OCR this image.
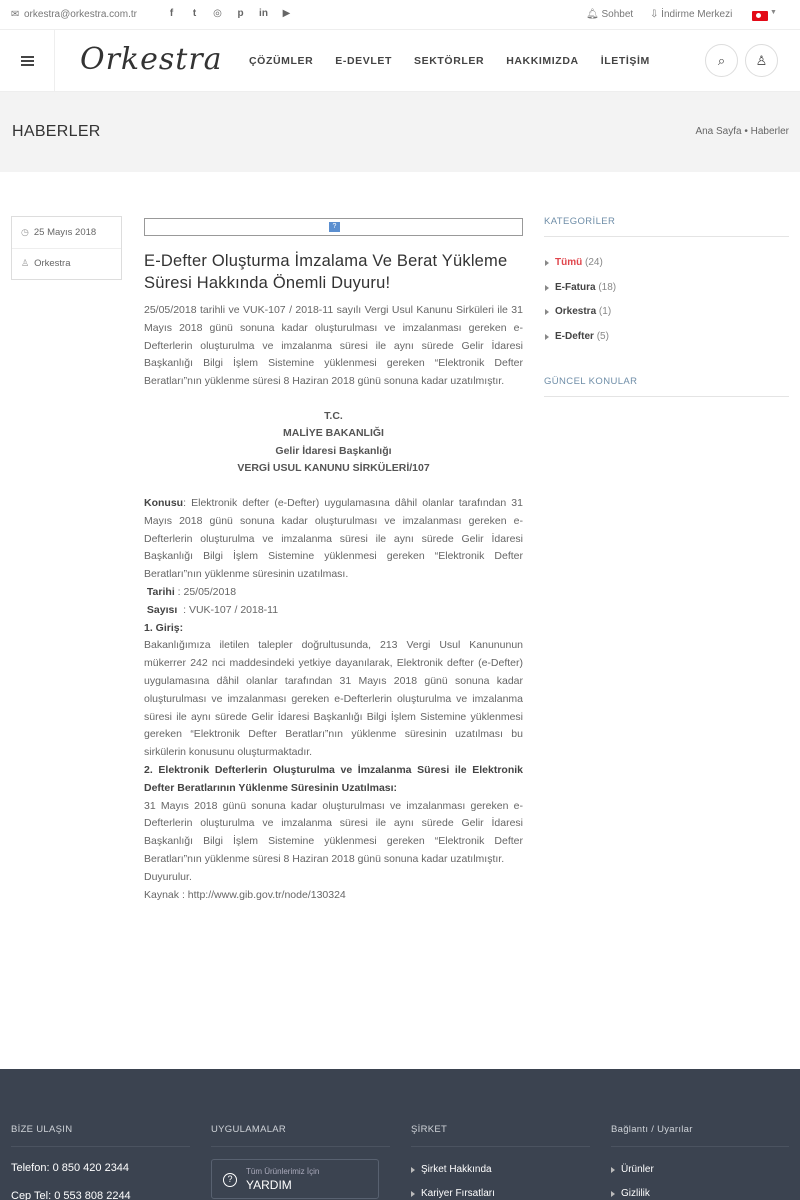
✉ orkestra@orkestra.com.tr	f	t	◎	p	in	▶	🔔︎ Sohbet ⇩ İndirme Merkezi	▼
Orkestra	ÇÖZÜMLER E-DEVLET SEKTÖRLER HAKKIMIZDA İLETİŞİM	⌕	♙
HABERLER	Ana Sayfa • Haberler
◷ 25 Mayıs 2018
♙ Orkestra
?
E-Defter Oluşturma İmzalama Ve Berat Yükleme Süresi Hakkında Önemli Duyuru!

25/05/2018 tarihli ve VUK-107 / 2018-11 sayılı Vergi Usul Kanunu Sirküleri ile 31 Mayıs 2018 günü sonuna kadar oluşturulması ve imzalanması gereken e-Defterlerin oluşturulma ve imzalanma süresi ile aynı sürede Gelir İdaresi Başkanlığı Bilgi İşlem Sistemine yüklenmesi gereken “Elektronik Defter Beratları”nın yüklenme süresi 8 Haziran 2018 günü sonuna kadar uzatılmıştır.

T.C.
MALİYE BAKANLIĞI
Gelir İdaresi Başkanlığı
VERGİ USUL KANUNU SİRKÜLERİ/107

Konusu: Elektronik defter (e-Defter) uygulamasına dâhil olanlar tarafından 31 Mayıs 2018 günü sonuna kadar oluşturulması ve imzalanması gereken e-Defterlerin oluşturulma ve imzalanma süresi ile aynı sürede Gelir İdaresi Başkanlığı Bilgi İşlem Sistemine yüklenmesi gereken “Elektronik Defter Beratları”nın yüklenme süresinin uzatılması.

Tarihi : 25/05/2018

Sayısı : VUK-107 / 2018-11

1. Giriş:

Bakanlığımıza iletilen talepler doğrultusunda, 213 Vergi Usul Kanununun mükerrer 242 nci maddesindeki yetkiye dayanılarak, Elektronik defter (e-Defter) uygulamasına dâhil olanlar tarafından 31 Mayıs 2018 günü sonuna kadar oluşturulması ve imzalanması gereken e-Defterlerin oluşturulma ve imzalanma süresi ile aynı sürede Gelir İdaresi Başkanlığı Bilgi İşlem Sistemine yüklenmesi gereken “Elektronik Defter Beratları”nın yüklenme süresinin uzatılması bu sirkülerin konusunu oluşturmaktadır.

2. Elektronik Defterlerin Oluşturulma ve İmzalanma Süresi ile Elektronik Defter Beratlarının Yüklenme Süresinin Uzatılması:

31 Mayıs 2018 günü sonuna kadar oluşturulması ve imzalanması gereken e-Defterlerin oluşturulma ve imzalanma süresi ile aynı sürede Gelir İdaresi Başkanlığı Bilgi İşlem Sistemine yüklenmesi gereken “Elektronik Defter Beratları”nın yüklenme süresi 8 Haziran 2018 günü sonuna kadar uzatılmıştır.

Duyurulur.

Kaynak : http://www.gib.gov.tr/node/130324

KATEGORİLER
Tümü (24)
E-Fatura (18)
Orkestra (1)
E-Defter (5)
GÜNCEL KONULAR
BİZE ULAŞIN
Telefon: 0 850 420 2344
Cep Tel: 0 553 808 2244
UYGULAMALAR
?
Tüm Ürünlerimiz İçin
YARDIM
ŞİRKET
Şirket Hakkında
Kariyer Fırsatları
Bağlantı / Uyarılar
Ürünler
Gizlilik
